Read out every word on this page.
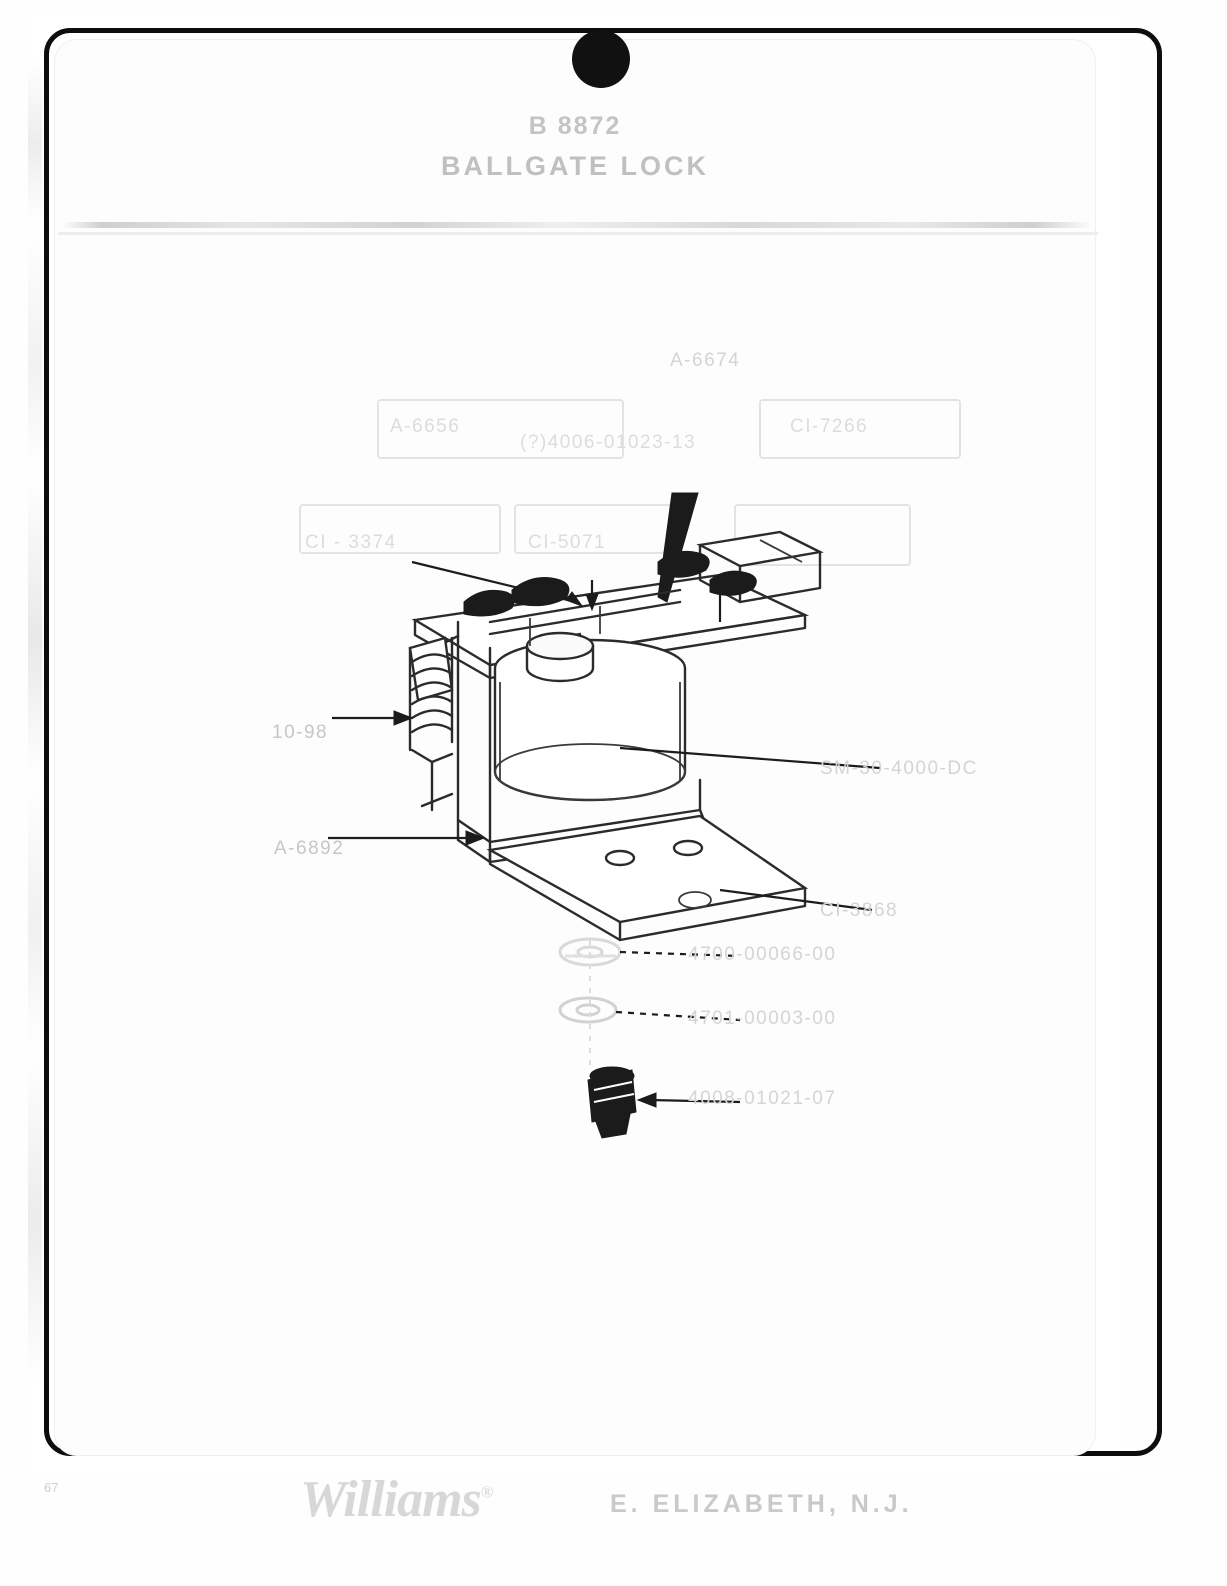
B 8872
BALLGATE LOCK
A-6674
A-6656	CI-7266
(?)4006-01023-13
CI - 3374	CI-5071
10-98
SM-30-4000-DC
A-6892
CI-3868
4700-00066-00
4701-00003-00
4008-01021-07
67	Williams®	E. ELIZABETH, N.J.
